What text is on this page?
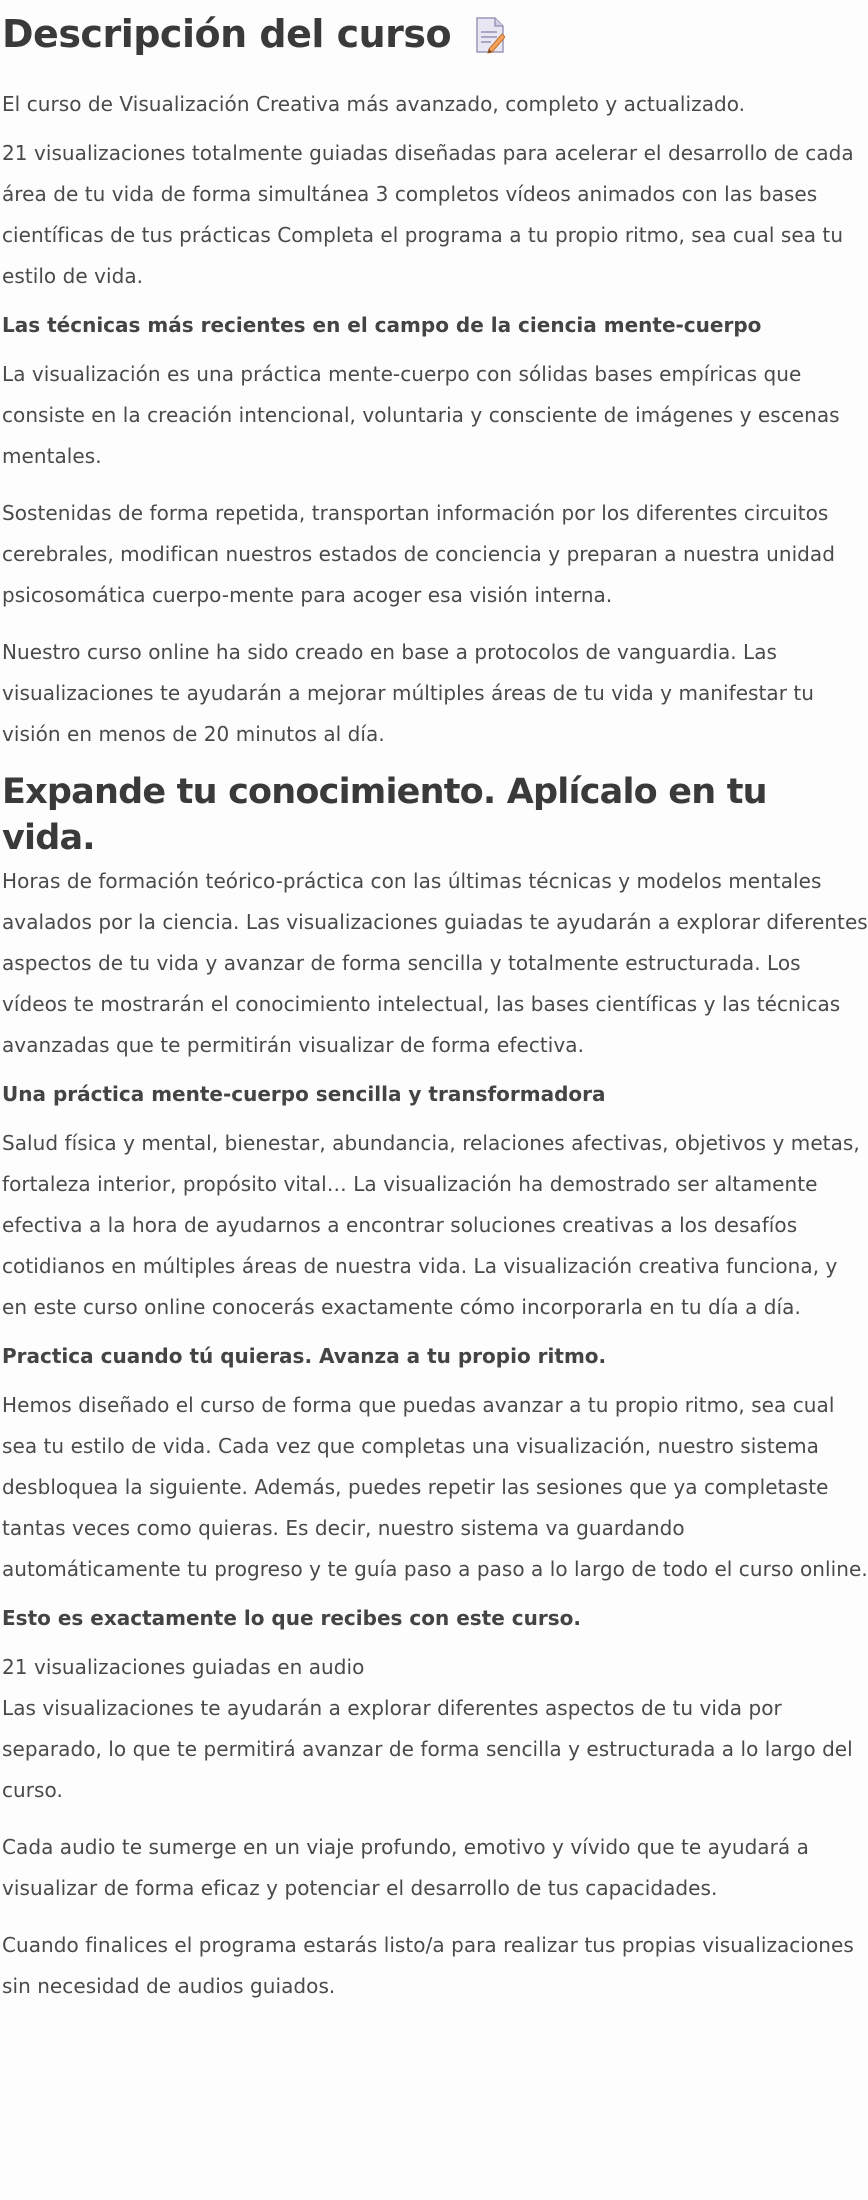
Descripción del curso

El curso de Visualización Creativa más avanzado, completo y actualizado.

21 visualizaciones totalmente guiadas diseñadas para acelerar el desarrollo de cada área de tu vida de forma simultánea 3 completos vídeos animados con las bases científicas de tus prácticas Completa el programa a tu propio ritmo, sea cual sea tu estilo de vida.

Las técnicas más recientes en el campo de la ciencia mente-cuerpo

La visualización es una práctica mente-cuerpo con sólidas bases empíricas que consiste en la creación intencional, voluntaria y consciente de imágenes y escenas mentales.

Sostenidas de forma repetida, transportan información por los diferentes circuitos cerebrales, modifican nuestros estados de conciencia y preparan a nuestra unidad psicosomática cuerpo-mente para acoger esa visión interna.

Nuestro curso online ha sido creado en base a protocolos de vanguardia. Las visualizaciones te ayudarán a mejorar múltiples áreas de tu vida y manifestar tu visión en menos de 20 minutos al día.

Expande tu conocimiento. Aplícalo en tu vida.

Horas de formación teórico-práctica con las últimas técnicas y modelos mentales avalados por la ciencia. Las visualizaciones guiadas te ayudarán a explorar diferentes aspectos de tu vida y avanzar de forma sencilla y totalmente estructurada. Los vídeos te mostrarán el conocimiento intelectual, las bases científicas y las técnicas avanzadas que te permitirán visualizar de forma efectiva.

Una práctica mente-cuerpo sencilla y transformadora

Salud física y mental, bienestar, abundancia, relaciones afectivas, objetivos y metas, fortaleza interior, propósito vital… La visualización ha demostrado ser altamente efectiva a la hora de ayudarnos a encontrar soluciones creativas a los desafíos cotidianos en múltiples áreas de nuestra vida. La visualización creativa funciona, y en este curso online conocerás exactamente cómo incorporarla en tu día a día.

Practica cuando tú quieras. Avanza a tu propio ritmo.

Hemos diseñado el curso de forma que puedas avanzar a tu propio ritmo, sea cual sea tu estilo de vida. Cada vez que completas una visualización, nuestro sistema desbloquea la siguiente. Además, puedes repetir las sesiones que ya completaste tantas veces como quieras. Es decir, nuestro sistema va guardando automáticamente tu progreso y te guía paso a paso a lo largo de todo el curso online.

Esto es exactamente lo que recibes con este curso.

21 visualizaciones guiadas en audio

Las visualizaciones te ayudarán a explorar diferentes aspectos de tu vida por separado, lo que te permitirá avanzar de forma sencilla y estructurada a lo largo del curso.

Cada audio te sumerge en un viaje profundo, emotivo y vívido que te ayudará a visualizar de forma eficaz y potenciar el desarrollo de tus capacidades.

Cuando finalices el programa estarás listo/a para realizar tus propias visualizaciones sin necesidad de audios guiados.
